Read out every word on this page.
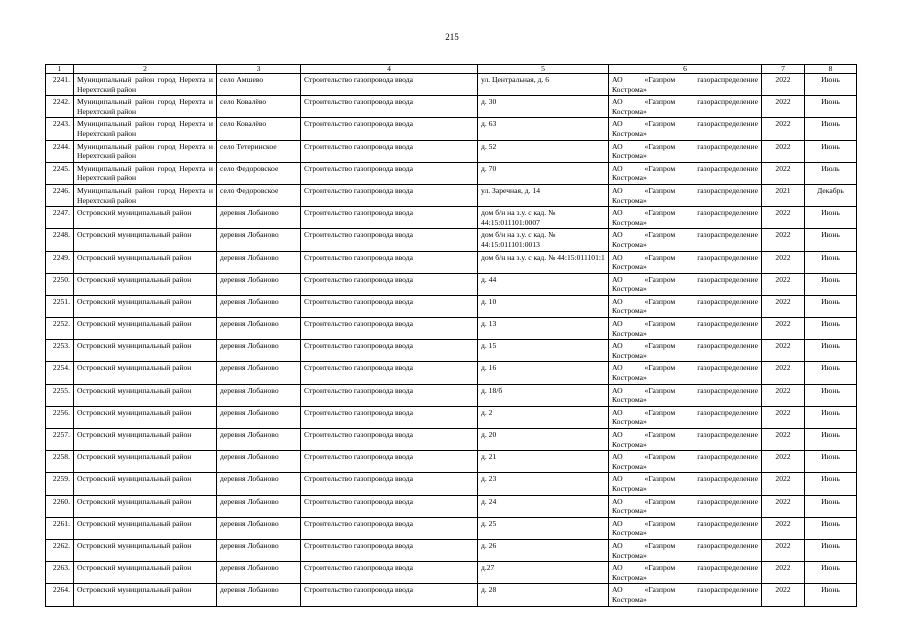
215
1	2	3	4	5	6	7	8
2241.	Муниципальный район город Нерехта и Нерехтский район	село Амшево	Строительство газопровода ввода	ул. Центральная, д. 6	АО «Газпром газораспределение
Кострома»	2022	Июнь
2242.	Муниципальный район город Нерехта и Нерехтский район	село Ковалёво	Строительство газопровода ввода	д. 30	АО «Газпром газораспределение
Кострома»	2022	Июнь
2243.	Муниципальный район город Нерехта и Нерехтский район	село Ковалёво	Строительство газопровода ввода	д. 63	АО «Газпром газораспределение
Кострома»	2022	Июнь
2244.	Муниципальный район город Нерехта и Нерехтский район	село Тетеринское	Строительство газопровода ввода	д. 52	АО «Газпром газораспределение
Кострома»	2022	Июнь
2245.	Муниципальный район город Нерехта и Нерехтский район	село Федоровское	Строительство газопровода ввода	д. 70	АО «Газпром газораспределение
Кострома»	2022	Июль
2246.	Муниципальный район город Нерехта и Нерехтский район	село Федоровское	Строительство газопровода ввода	ул. Заречная, д. 14	АО «Газпром газораспределение
Кострома»	2021	Декабрь
2247.	Островский муниципальный район	деревня Лобаново	Строительство газопровода ввода	дом б/н на з.у. с кад. № 44:15:011101:0007	АО «Газпром газораспределение
Кострома»	2022	Июнь
2248.	Островский муниципальный район	деревня Лобаново	Строительство газопровода ввода	дом б/н на з.у. с кад. № 44:15:011101:0013	АО «Газпром газораспределение
Кострома»	2022	Июнь
2249.	Островский муниципальный район	деревня Лобаново	Строительство газопровода ввода	дом б/н на з.у. с кад. № 44:15:011101:1	АО «Газпром газораспределение
Кострома»	2022	Июнь
2250.	Островский муниципальный район	деревня Лобаново	Строительство газопровода ввода	д. 44	АО «Газпром газораспределение
Кострома»	2022	Июнь
2251.	Островский муниципальный район	деревня Лобаново	Строительство газопровода ввода	д. 10	АО «Газпром газораспределение
Кострома»	2022	Июнь
2252.	Островский муниципальный район	деревня Лобаново	Строительство газопровода ввода	д. 13	АО «Газпром газораспределение
Кострома»	2022	Июнь
2253.	Островский муниципальный район	деревня Лобаново	Строительство газопровода ввода	д. 15	АО «Газпром газораспределение
Кострома»	2022	Июнь
2254.	Островский муниципальный район	деревня Лобаново	Строительство газопровода ввода	д. 16	АО «Газпром газораспределение
Кострома»	2022	Июнь
2255.	Островский муниципальный район	деревня Лобаново	Строительство газопровода ввода	д. 18/б	АО «Газпром газораспределение
Кострома»	2022	Июнь
2256.	Островский муниципальный район	деревня Лобаново	Строительство газопровода ввода	д. 2	АО «Газпром газораспределение
Кострома»	2022	Июнь
2257.	Островский муниципальный район	деревня Лобаново	Строительство газопровода ввода	д. 20	АО «Газпром газораспределение
Кострома»	2022	Июнь
2258.	Островский муниципальный район	деревня Лобаново	Строительство газопровода ввода	д. 21	АО «Газпром газораспределение
Кострома»	2022	Июнь
2259.	Островский муниципальный район	деревня Лобаново	Строительство газопровода ввода	д. 23	АО «Газпром газораспределение
Кострома»	2022	Июнь
2260.	Островский муниципальный район	деревня Лобаново	Строительство газопровода ввода	д. 24	АО «Газпром газораспределение
Кострома»	2022	Июнь
2261.	Островский муниципальный район	деревня Лобаново	Строительство газопровода ввода	д. 25	АО «Газпром газораспределение
Кострома»	2022	Июнь
2262.	Островский муниципальный район	деревня Лобаново	Строительство газопровода ввода	д. 26	АО «Газпром газораспределение
Кострома»	2022	Июнь
2263.	Островский муниципальный район	деревня Лобаново	Строительство газопровода ввода	д.27	АО «Газпром газораспределение
Кострома»	2022	Июнь
2264.	Островский муниципальный район	деревня Лобаново	Строительство газопровода ввода	д. 28	АО «Газпром газораспределение
Кострома»	2022	Июнь
